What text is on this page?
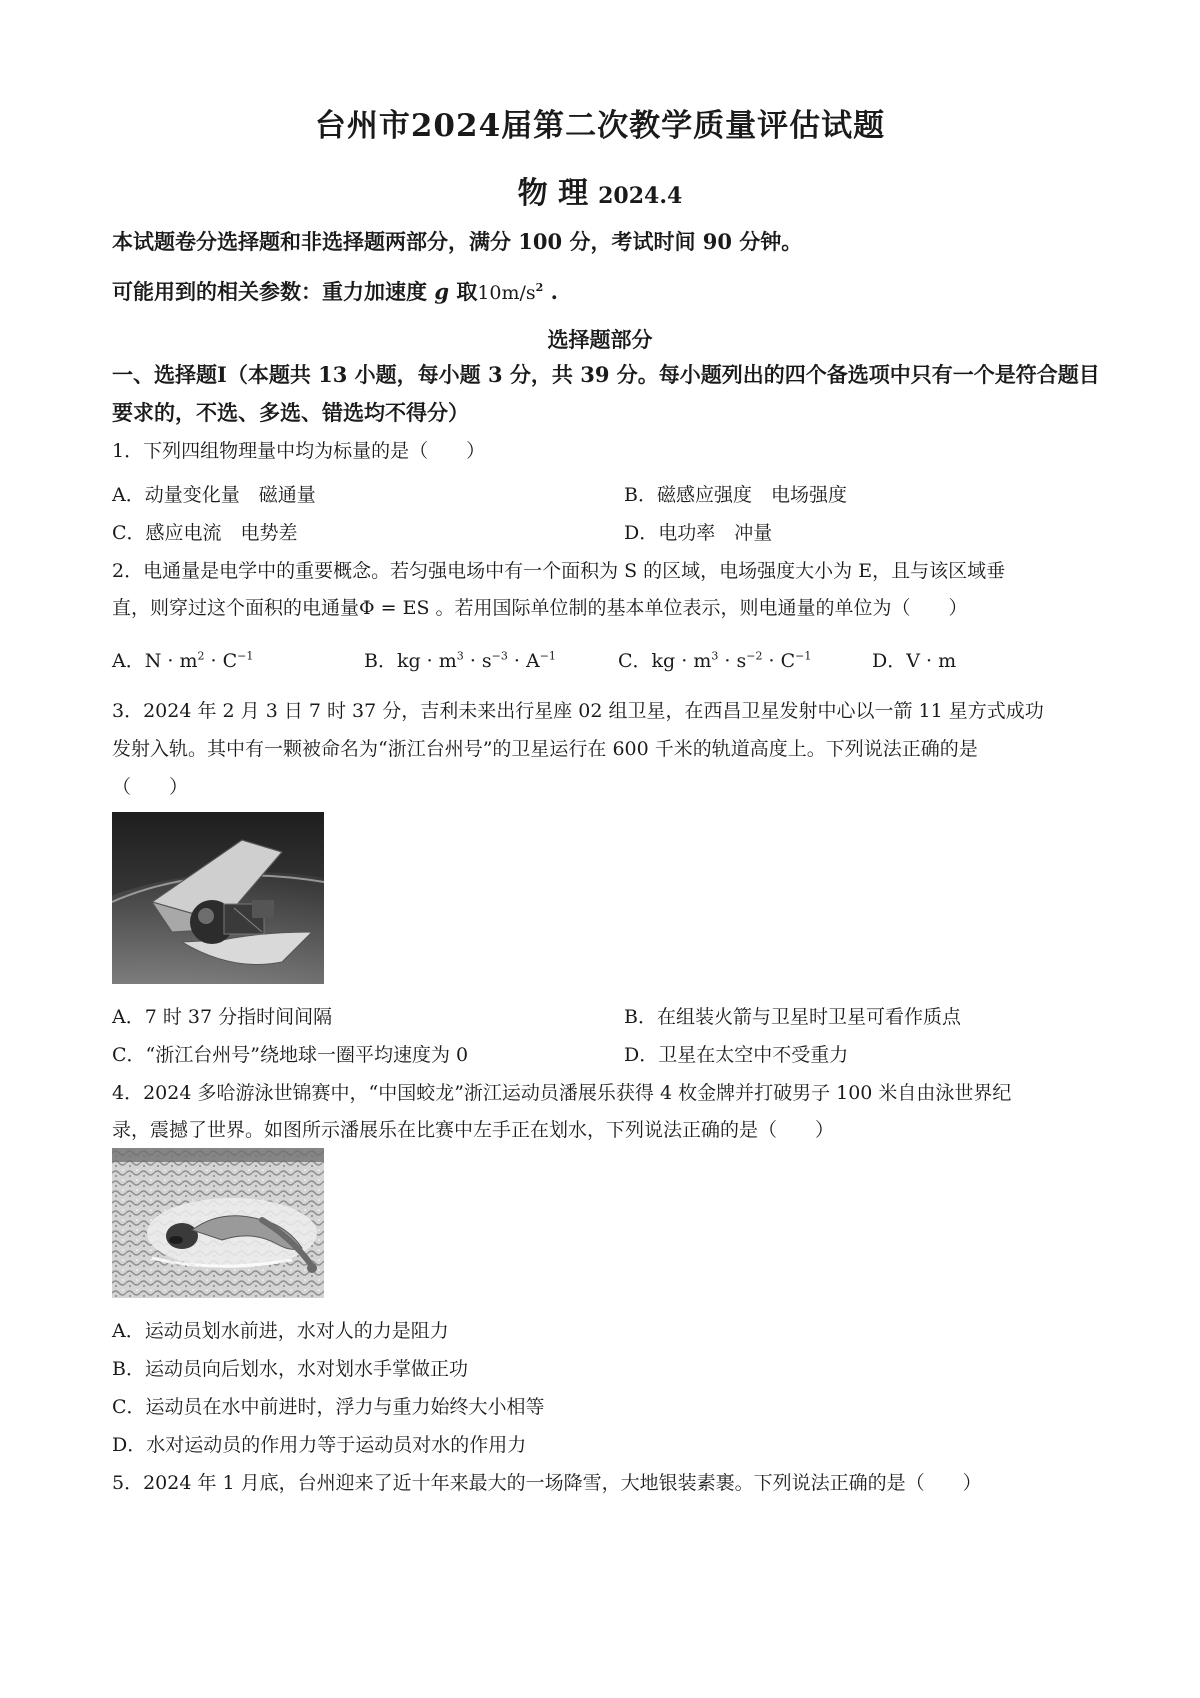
台州市2024届第二次教学质量评估试题
物 理 2024.4
本试题卷分选择题和非选择题两部分，满分 100 分，考试时间 90 分钟。
可能用到的相关参数：重力加速度 g 取$10m/s^2$ .
选择题部分
一、选择题Ⅰ（本题共 13 小题，每小题 3 分，共 39 分。每小题列出的四个备选项中只有一个是符合题目要求的，不选、多选、错选均不得分）
1．下列四组物理量中均为标量的是（　　）
A．动量变化量　磁通量	B．磁感应强度　电场强度
C．感应电流　电势差	D．电功率　冲量
2．电通量是电学中的重要概念。若匀强电场中有一个面积为 S 的区域，电场强度大小为 E，且与该区域垂
直，则穿过这个面积的电通量Φ = ES 。若用国际单位制的基本单位表示，则电通量的单位为（　　）
A．$N \cdot m^2 \cdot C^{-1}$	B．kg · $m^3 \cdot s^{-3} \cdot A^{-1}$	C．kg · $m^3 \cdot s^{-2} \cdot C^{-1}$	D．V · m
3．2024 年 2 月 3 日 7 时 37 分，吉利未来出行星座 02 组卫星，在西昌卫星发射中心以一箭 11 星方式成功
发射入轨。其中有一颗被命名为“浙江台州号”的卫星运行在 600 千米的轨道高度上。下列说法正确的是
（　　）
A．7 时 37 分指时间间隔	B．在组装火箭与卫星时卫星可看作质点
C．“浙江台州号”绕地球一圈平均速度为 0	D．卫星在太空中不受重力
4．2024 多哈游泳世锦赛中，“中国蛟龙”浙江运动员潘展乐获得 4 枚金牌并打破男子 100 米自由泳世界纪
录，震撼了世界。如图所示潘展乐在比赛中左手正在划水，下列说法正确的是（　　）
A．运动员划水前进，水对人的力是阻力
B．运动员向后划水，水对划水手掌做正功
C．运动员在水中前进时，浮力与重力始终大小相等
D．水对运动员的作用力等于运动员对水的作用力
5．2024 年 1 月底，台州迎来了近十年来最大的一场降雪，大地银装素裹。下列说法正确的是（　　）
